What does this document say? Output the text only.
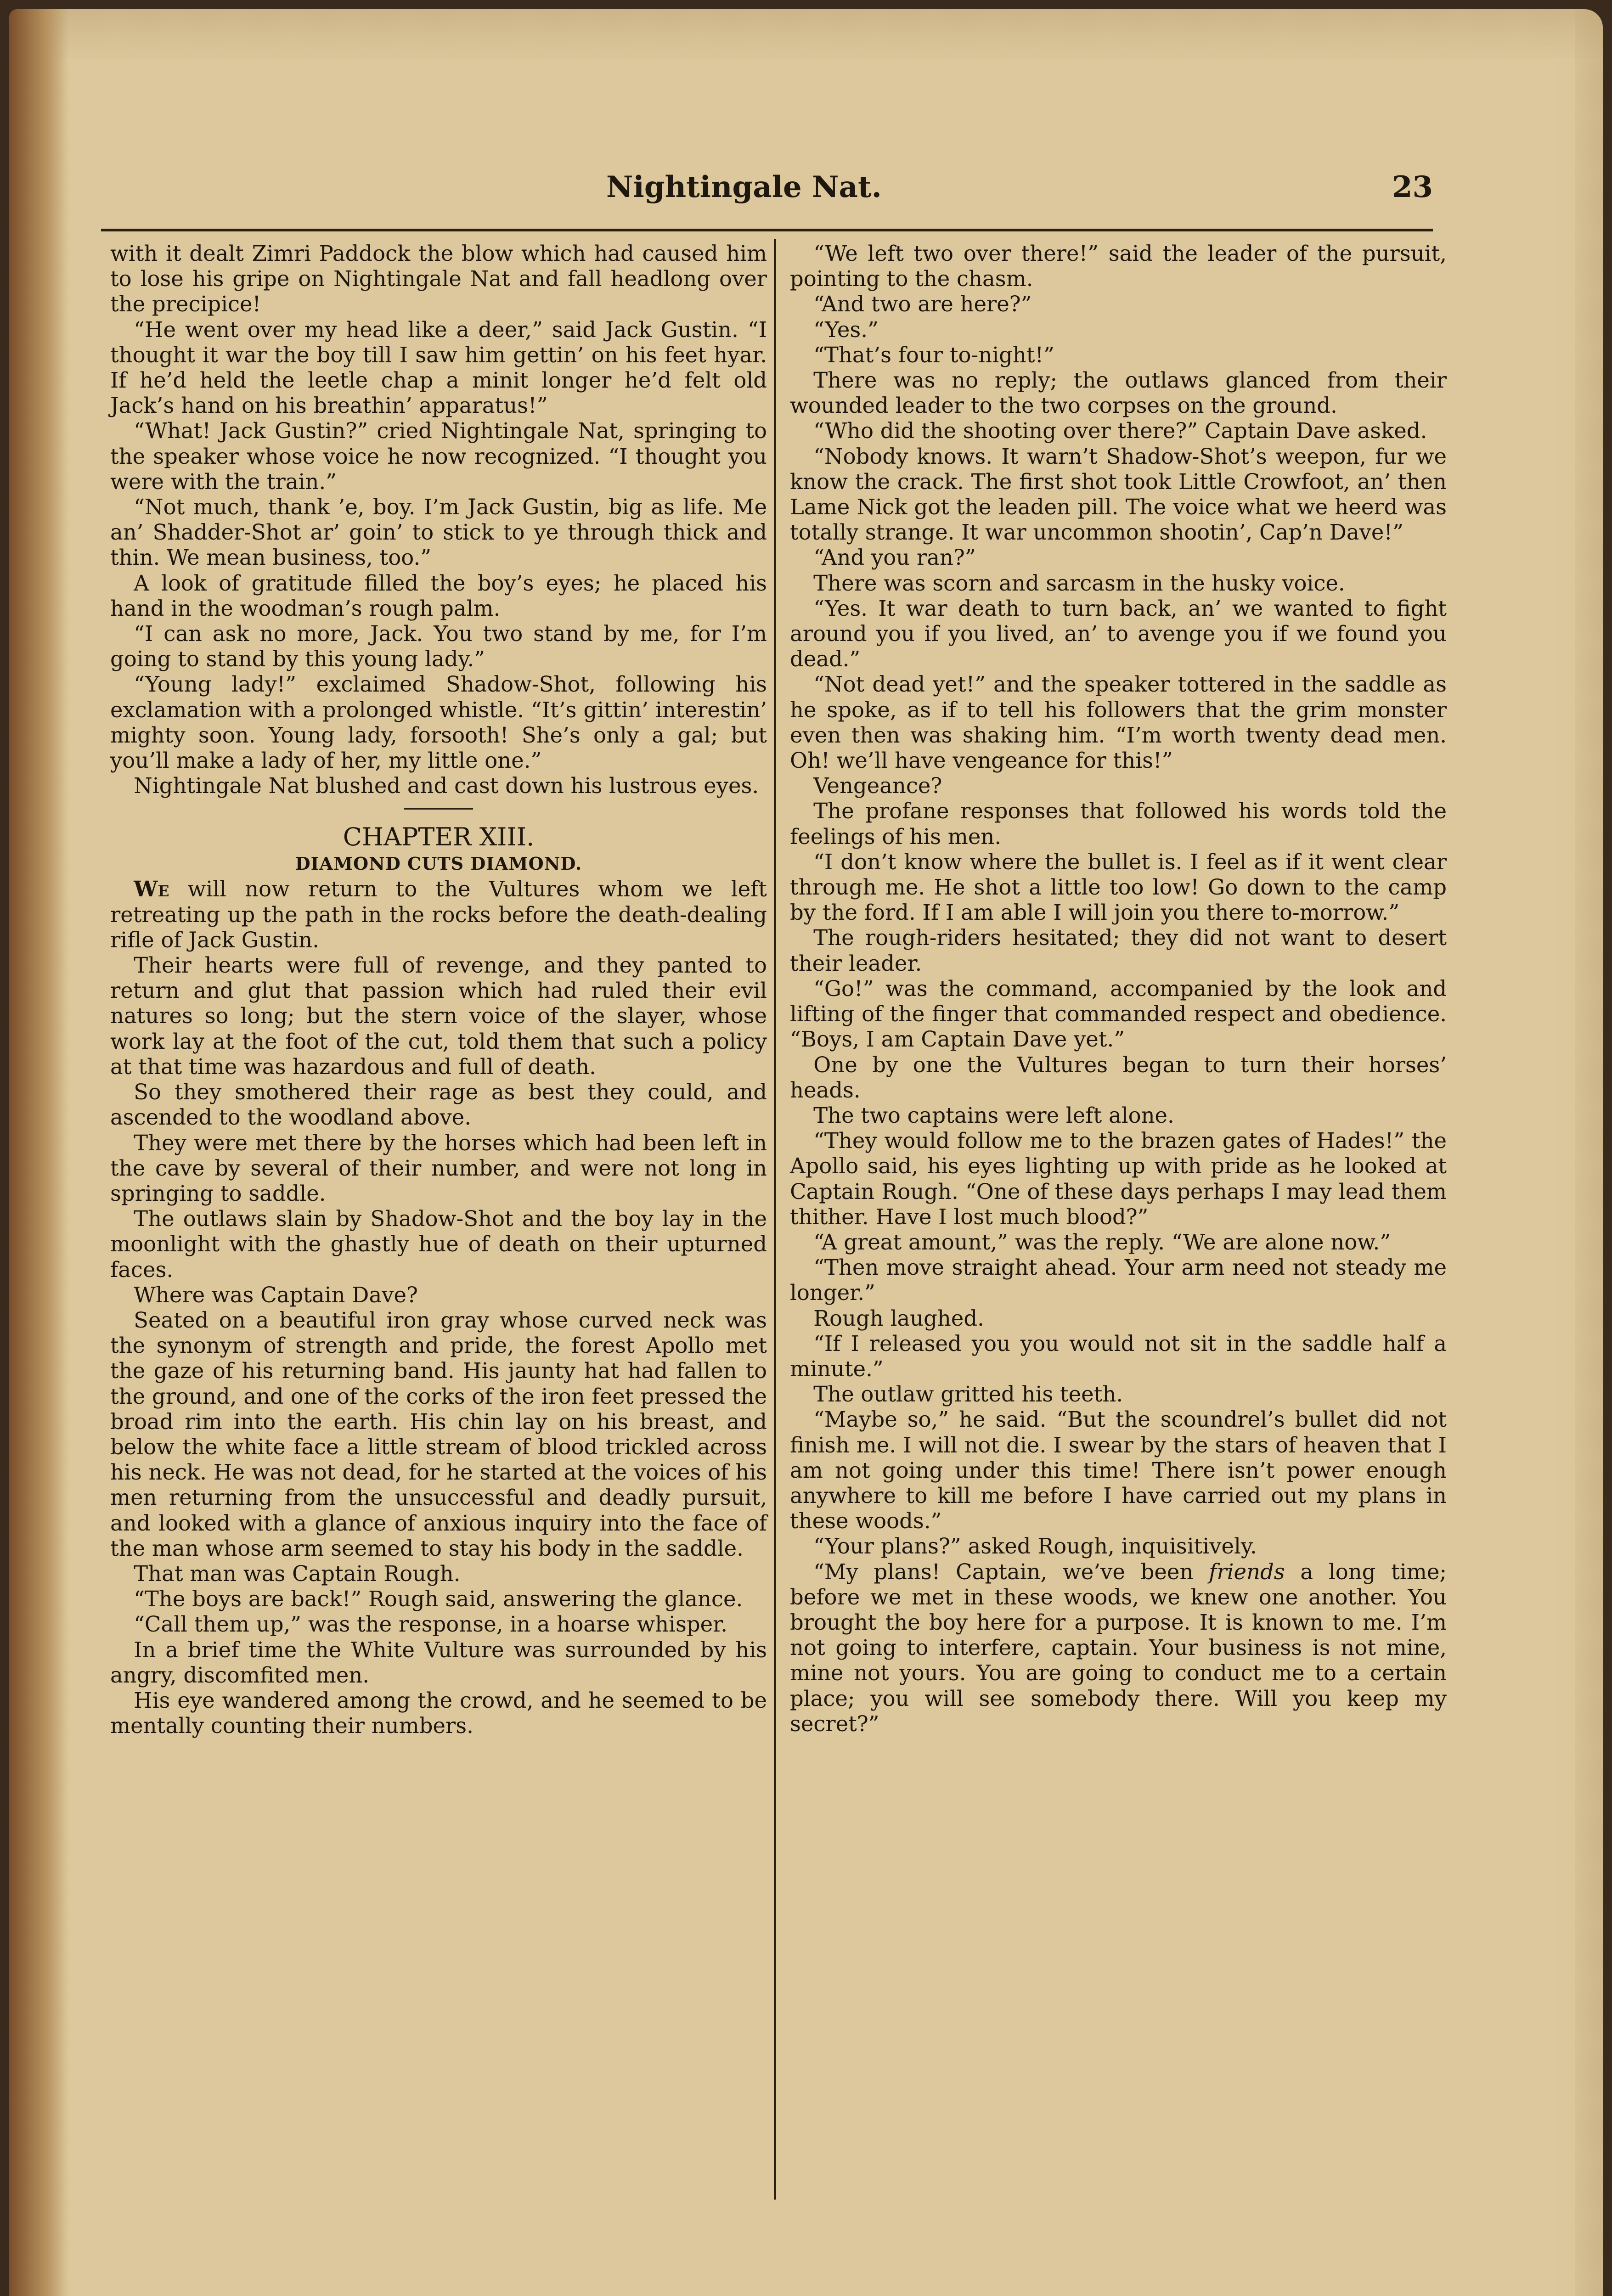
Nightingale Nat.	23

with it dealt Zimri Paddock the blow which had caused him to lose his gripe on Nightingale Nat and fall headlong over the precipice!

“He went over my head like a deer,” said Jack Gustin. “I thought it war the boy till I saw him gettin’ on his feet hyar. If he’d held the leetle chap a minit longer he’d felt old Jack’s hand on his breathin’ apparatus!”

“What! Jack Gustin?” cried Nightingale Nat, springing to the speaker whose voice he now recognized. “I thought you were with the train.”

“Not much, thank ’e, boy. I’m Jack Gustin, big as life. Me an’ Shadder-Shot ar’ goin’ to stick to ye through thick and thin. We mean business, too.”

A look of gratitude filled the boy’s eyes; he placed his hand in the woodman’s rough palm.

“I can ask no more, Jack. You two stand by me, for I’m going to stand by this young lady.”

“Young lady!” exclaimed Shadow-Shot, following his exclamation with a prolonged whistle. “It’s gittin’ interestin’ mighty soon. Young lady, forsooth! She’s only a gal; but you’ll make a lady of her, my little one.”

Nightingale Nat blushed and cast down his lustrous eyes.

CHAPTER XIII.
DIAMOND CUTS DIAMOND.

We will now return to the Vultures whom we left retreating up the path in the rocks before the death-dealing rifle of Jack Gustin.

Their hearts were full of revenge, and they panted to return and glut that passion which had ruled their evil natures so long; but the stern voice of the slayer, whose work lay at the foot of the cut, told them that such a policy at that time was hazardous and full of death.

So they smothered their rage as best they could, and ascended to the woodland above.

They were met there by the horses which had been left in the cave by several of their number, and were not long in springing to saddle.

The outlaws slain by Shadow-Shot and the boy lay in the moonlight with the ghastly hue of death on their upturned faces.

Where was Captain Dave?

Seated on a beautiful iron gray whose curved neck was the synonym of strength and pride, the forest Apollo met the gaze of his returning band. His jaunty hat had fallen to the ground, and one of the corks of the iron feet pressed the broad rim into the earth. His chin lay on his breast, and below the white face a little stream of blood trickled across his neck. He was not dead, for he started at the voices of his men returning from the unsuccessful and deadly pursuit, and looked with a glance of anxious inquiry into the face of the man whose arm seemed to stay his body in the saddle.

That man was Captain Rough.

“The boys are back!” Rough said, answering the glance.

“Call them up,” was the response, in a hoarse whisper.

In a brief time the White Vulture was surrounded by his angry, discomfited men.

His eye wandered among the crowd, and he seemed to be mentally counting their numbers.

“We left two over there!” said the leader of the pursuit, pointing to the chasm.

“And two are here?”

“Yes.”

“That’s four to-night!”

There was no reply; the outlaws glanced from their wounded leader to the two corpses on the ground.

“Who did the shooting over there?” Captain Dave asked.

“Nobody knows. It warn’t Shadow-Shot’s weepon, fur we know the crack. The first shot took Little Crowfoot, an’ then Lame Nick got the leaden pill. The voice what we heerd was totally strange. It war uncommon shootin’, Cap’n Dave!”

“And you ran?”

There was scorn and sarcasm in the husky voice.

“Yes. It war death to turn back, an’ we wanted to fight around you if you lived, an’ to avenge you if we found you dead.”

“Not dead yet!” and the speaker tottered in the saddle as he spoke, as if to tell his followers that the grim monster even then was shaking him. “I’m worth twenty dead men. Oh! we’ll have vengeance for this!”

Vengeance?

The profane responses that followed his words told the feelings of his men.

“I don’t know where the bullet is. I feel as if it went clear through me. He shot a little too low! Go down to the camp by the ford. If I am able I will join you there to-morrow.”

The rough-riders hesitated; they did not want to desert their leader.

“Go!” was the command, accompanied by the look and lifting of the finger that commanded respect and obedience. “Boys, I am Captain Dave yet.”

One by one the Vultures began to turn their horses’ heads.

The two captains were left alone.

“They would follow me to the brazen gates of Hades!” the Apollo said, his eyes lighting up with pride as he looked at Captain Rough. “One of these days perhaps I may lead them thither. Have I lost much blood?”

“A great amount,” was the reply. “We are alone now.”

“Then move straight ahead. Your arm need not steady me longer.”

Rough laughed.

“If I released you you would not sit in the saddle half a minute.”

The outlaw gritted his teeth.

“Maybe so,” he said. “But the scoundrel’s bullet did not finish me. I will not die. I swear by the stars of heaven that I am not going under this time! There isn’t power enough anywhere to kill me before I have carried out my plans in these woods.”

“Your plans?” asked Rough, inquisitively.

“My plans! Captain, we’ve been friends a long time; before we met in these woods, we knew one another. You brought the boy here for a purpose. It is known to me. I’m not going to interfere, captain. Your business is not mine, mine not yours. You are going to conduct me to a certain place; you will see somebody there. Will you keep my secret?”
